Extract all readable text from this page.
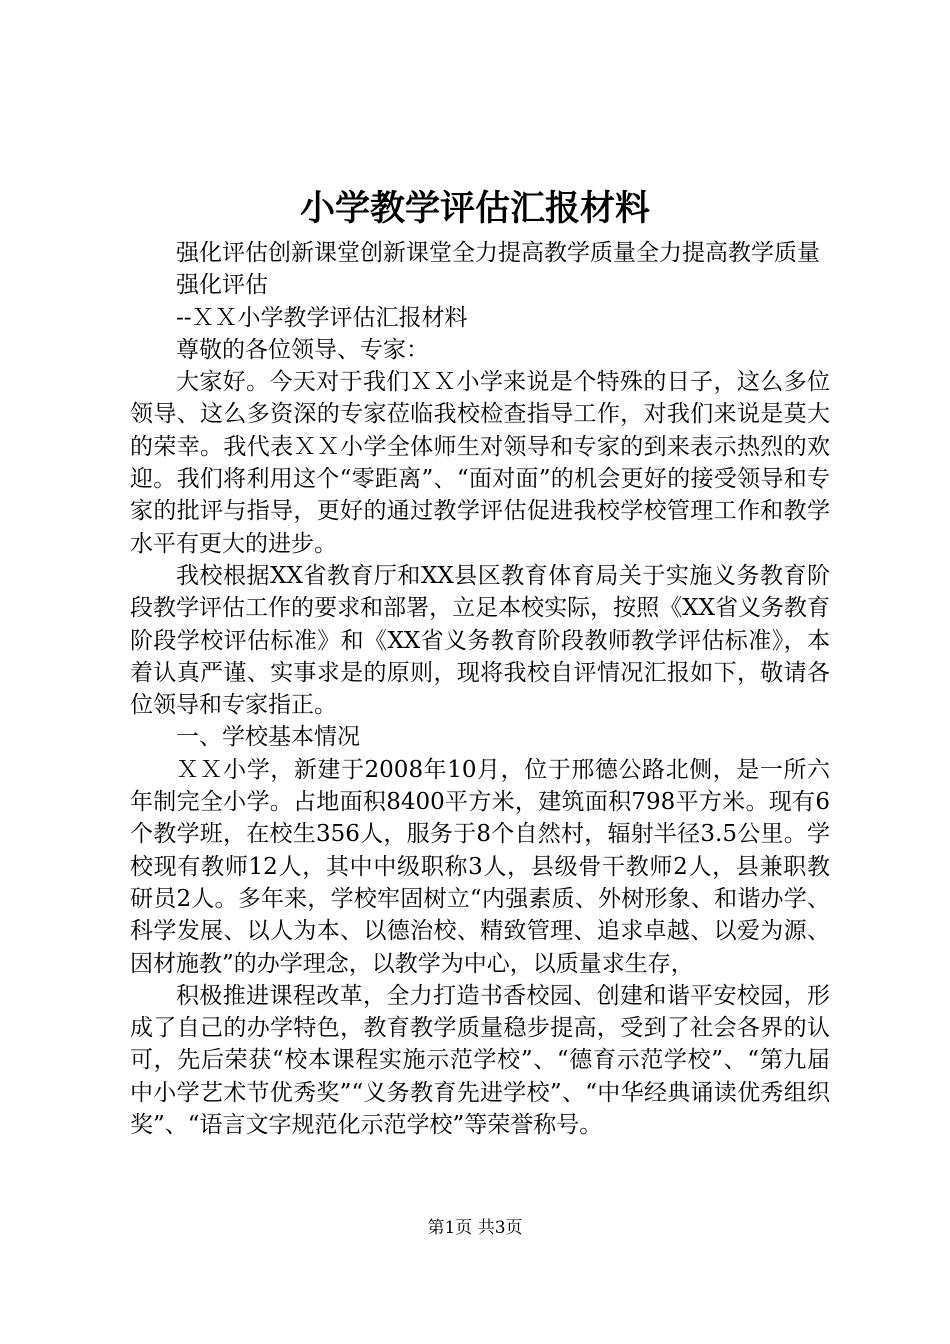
小学教学评估汇报材料

强化评估创新课堂创新课堂全力提高教学质量全力提高教学质量

强化评估

--ＸＸ小学教学评估汇报材料

尊敬的各位领导、专家：

大家好。今天对于我们ＸＸ小学来说是个特殊的日子，这么多位领导、这么多资深的专家莅临我校检查指导工作，对我们来说是莫大的荣幸。我代表ＸＸ小学全体师生对领导和专家的到来表示热烈的欢迎。我们将利用这个“零距离”、“面对面”的机会更好的接受领导和专家的批评与指导，更好的通过教学评估促进我校学校管理工作和教学水平有更大的进步。

我校根据XX省教育厅和XX县区教育体育局关于实施义务教育阶段教学评估工作的要求和部署，立足本校实际，按照《XX省义务教育阶段学校评估标准》和《XX省义务教育阶段教师教学评估标准》，本着认真严谨、实事求是的原则，现将我校自评情况汇报如下，敬请各位领导和专家指正。

一、学校基本情况

ＸＸ小学，新建于2008年10月，位于邢德公路北侧，是一所六年制完全小学。占地面积8400平方米，建筑面积798平方米。现有6个教学班，在校生356人，服务于8个自然村，辐射半径3.5公里。学校现有教师12人，其中中级职称3人，县级骨干教师2人，县兼职教研员2人。多年来，学校牢固树立“内强素质、外树形象、和谐办学、科学发展、以人为本、以德治校、精致管理、追求卓越、以爱为源、因材施教”的办学理念，以教学为中心，以质量求生存，

积极推进课程改革，全力打造书香校园、创建和谐平安校园，形成了自己的办学特色，教育教学质量稳步提高，受到了社会各界的认可，先后荣获“校本课程实施示范学校”、“德育示范学校”、“第九届中小学艺术节优秀奖”“义务教育先进学校”、“中华经典诵读优秀组织奖”、“语言文字规范化示范学校”等荣誉称号。

第1页 共3页
